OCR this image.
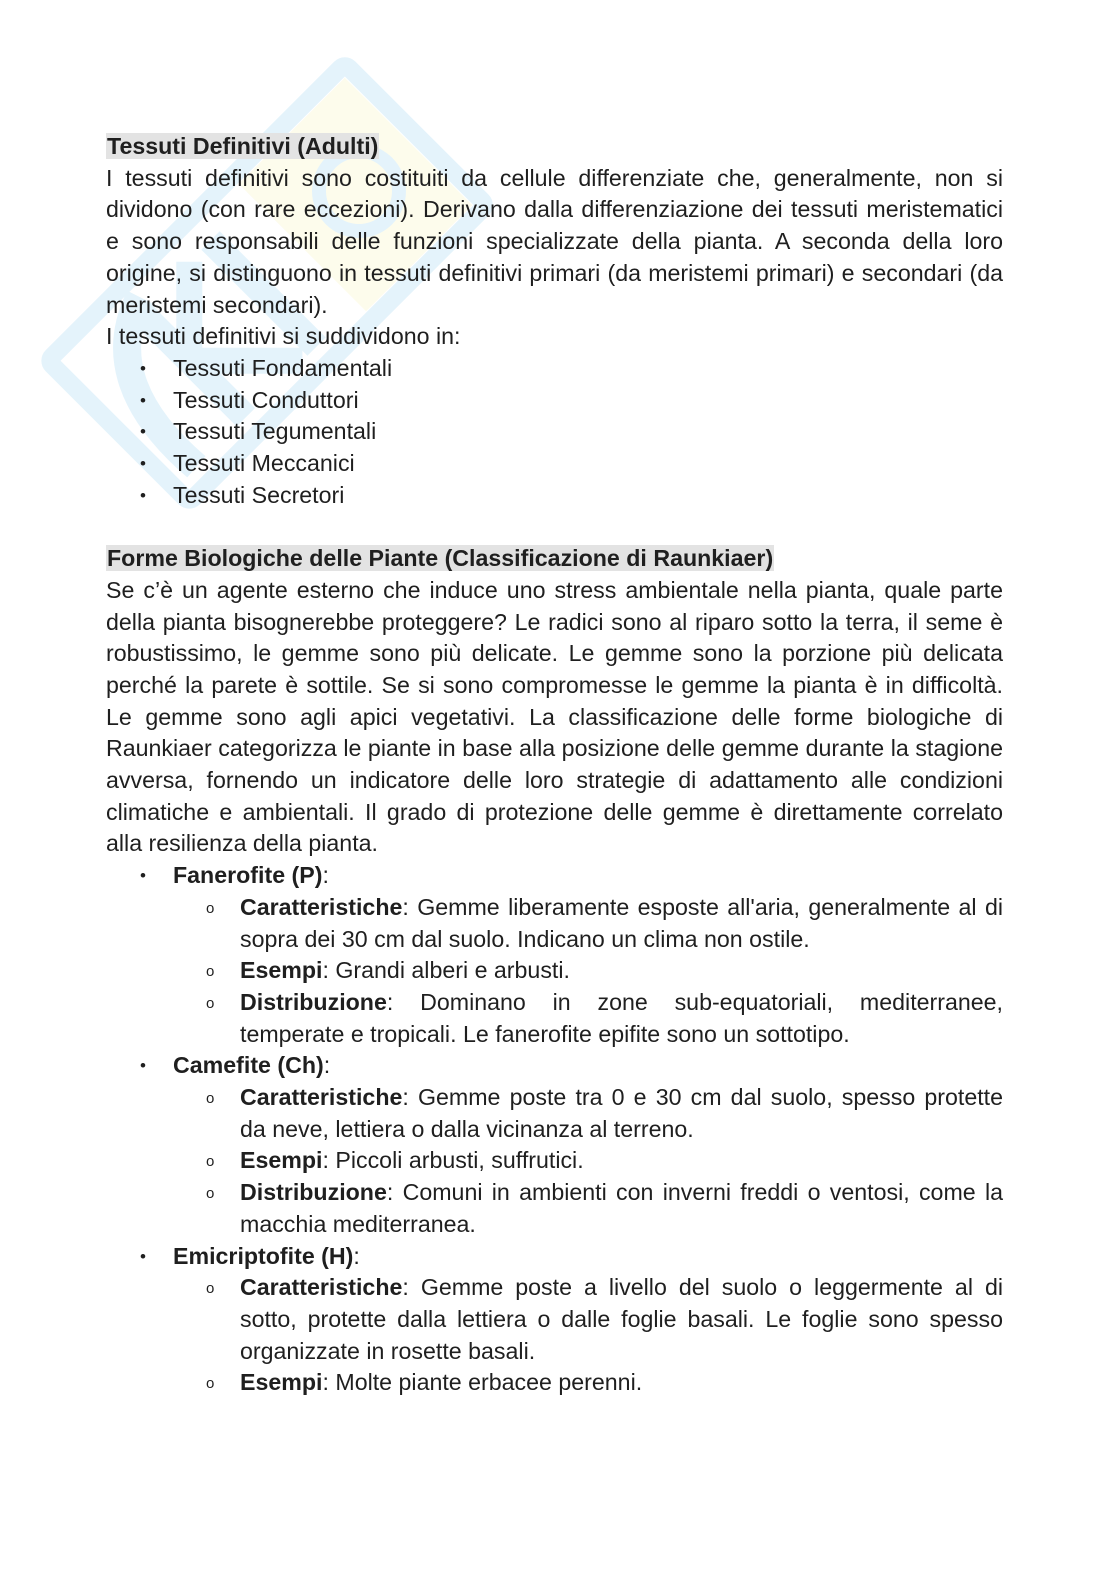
Tessuti Definitivi (Adulti)

I tessuti definitivi sono costituiti da cellule differenziate che, generalmente, non si dividono (con rare eccezioni). Derivano dalla differenziazione dei tessuti meristematici e sono responsabili delle funzioni specializzate della pianta. A seconda della loro origine, si distinguono in tessuti definitivi primari (da meristemi primari) e secondari (da meristemi secondari).

I tessuti definitivi si suddividono in:

• Tessuti Fondamentali
• Tessuti Conduttori
• Tessuti Tegumentali
• Tessuti Meccanici
• Tessuti Secretori
Forme Biologiche delle Piante (Classificazione di Raunkiaer)

Se c’è un agente esterno che induce uno stress ambientale nella pianta, quale parte della pianta bisognerebbe proteggere? Le radici sono al riparo sotto la terra, il seme è robustissimo, le gemme sono più delicate. Le gemme sono la porzione più delicata perché la parete è sottile. Se si sono compromesse le gemme la pianta è in difficoltà. Le gemme sono agli apici vegetativi. La classificazione delle forme biologiche di Raunkiaer categorizza le piante in base alla posizione delle gemme durante la stagione avversa, fornendo un indicatore delle loro strategie di adattamento alle condizioni climatiche e ambientali. Il grado di protezione delle gemme è direttamente correlato alla resilienza della pianta.

• Fanerofite (P):
o Caratteristiche: Gemme liberamente esposte all'aria, generalmente al di sopra dei 30 cm dal suolo. Indicano un clima non ostile.
o Esempi: Grandi alberi e arbusti.
o Distribuzione: Dominano in zone sub-equatoriali, mediterranee, temperate e tropicali. Le fanerofite epifite sono un sottotipo.
• Camefite (Ch):
o Caratteristiche: Gemme poste tra 0 e 30 cm dal suolo, spesso protette da neve, lettiera o dalla vicinanza al terreno.
o Esempi: Piccoli arbusti, suffrutici.
o Distribuzione: Comuni in ambienti con inverni freddi o ventosi, come la macchia mediterranea.
• Emicriptofite (H):
o Caratteristiche: Gemme poste a livello del suolo o leggermente al di sotto, protette dalla lettiera o dalle foglie basali. Le foglie sono spesso organizzate in rosette basali.
o Esempi: Molte piante erbacee perenni.
